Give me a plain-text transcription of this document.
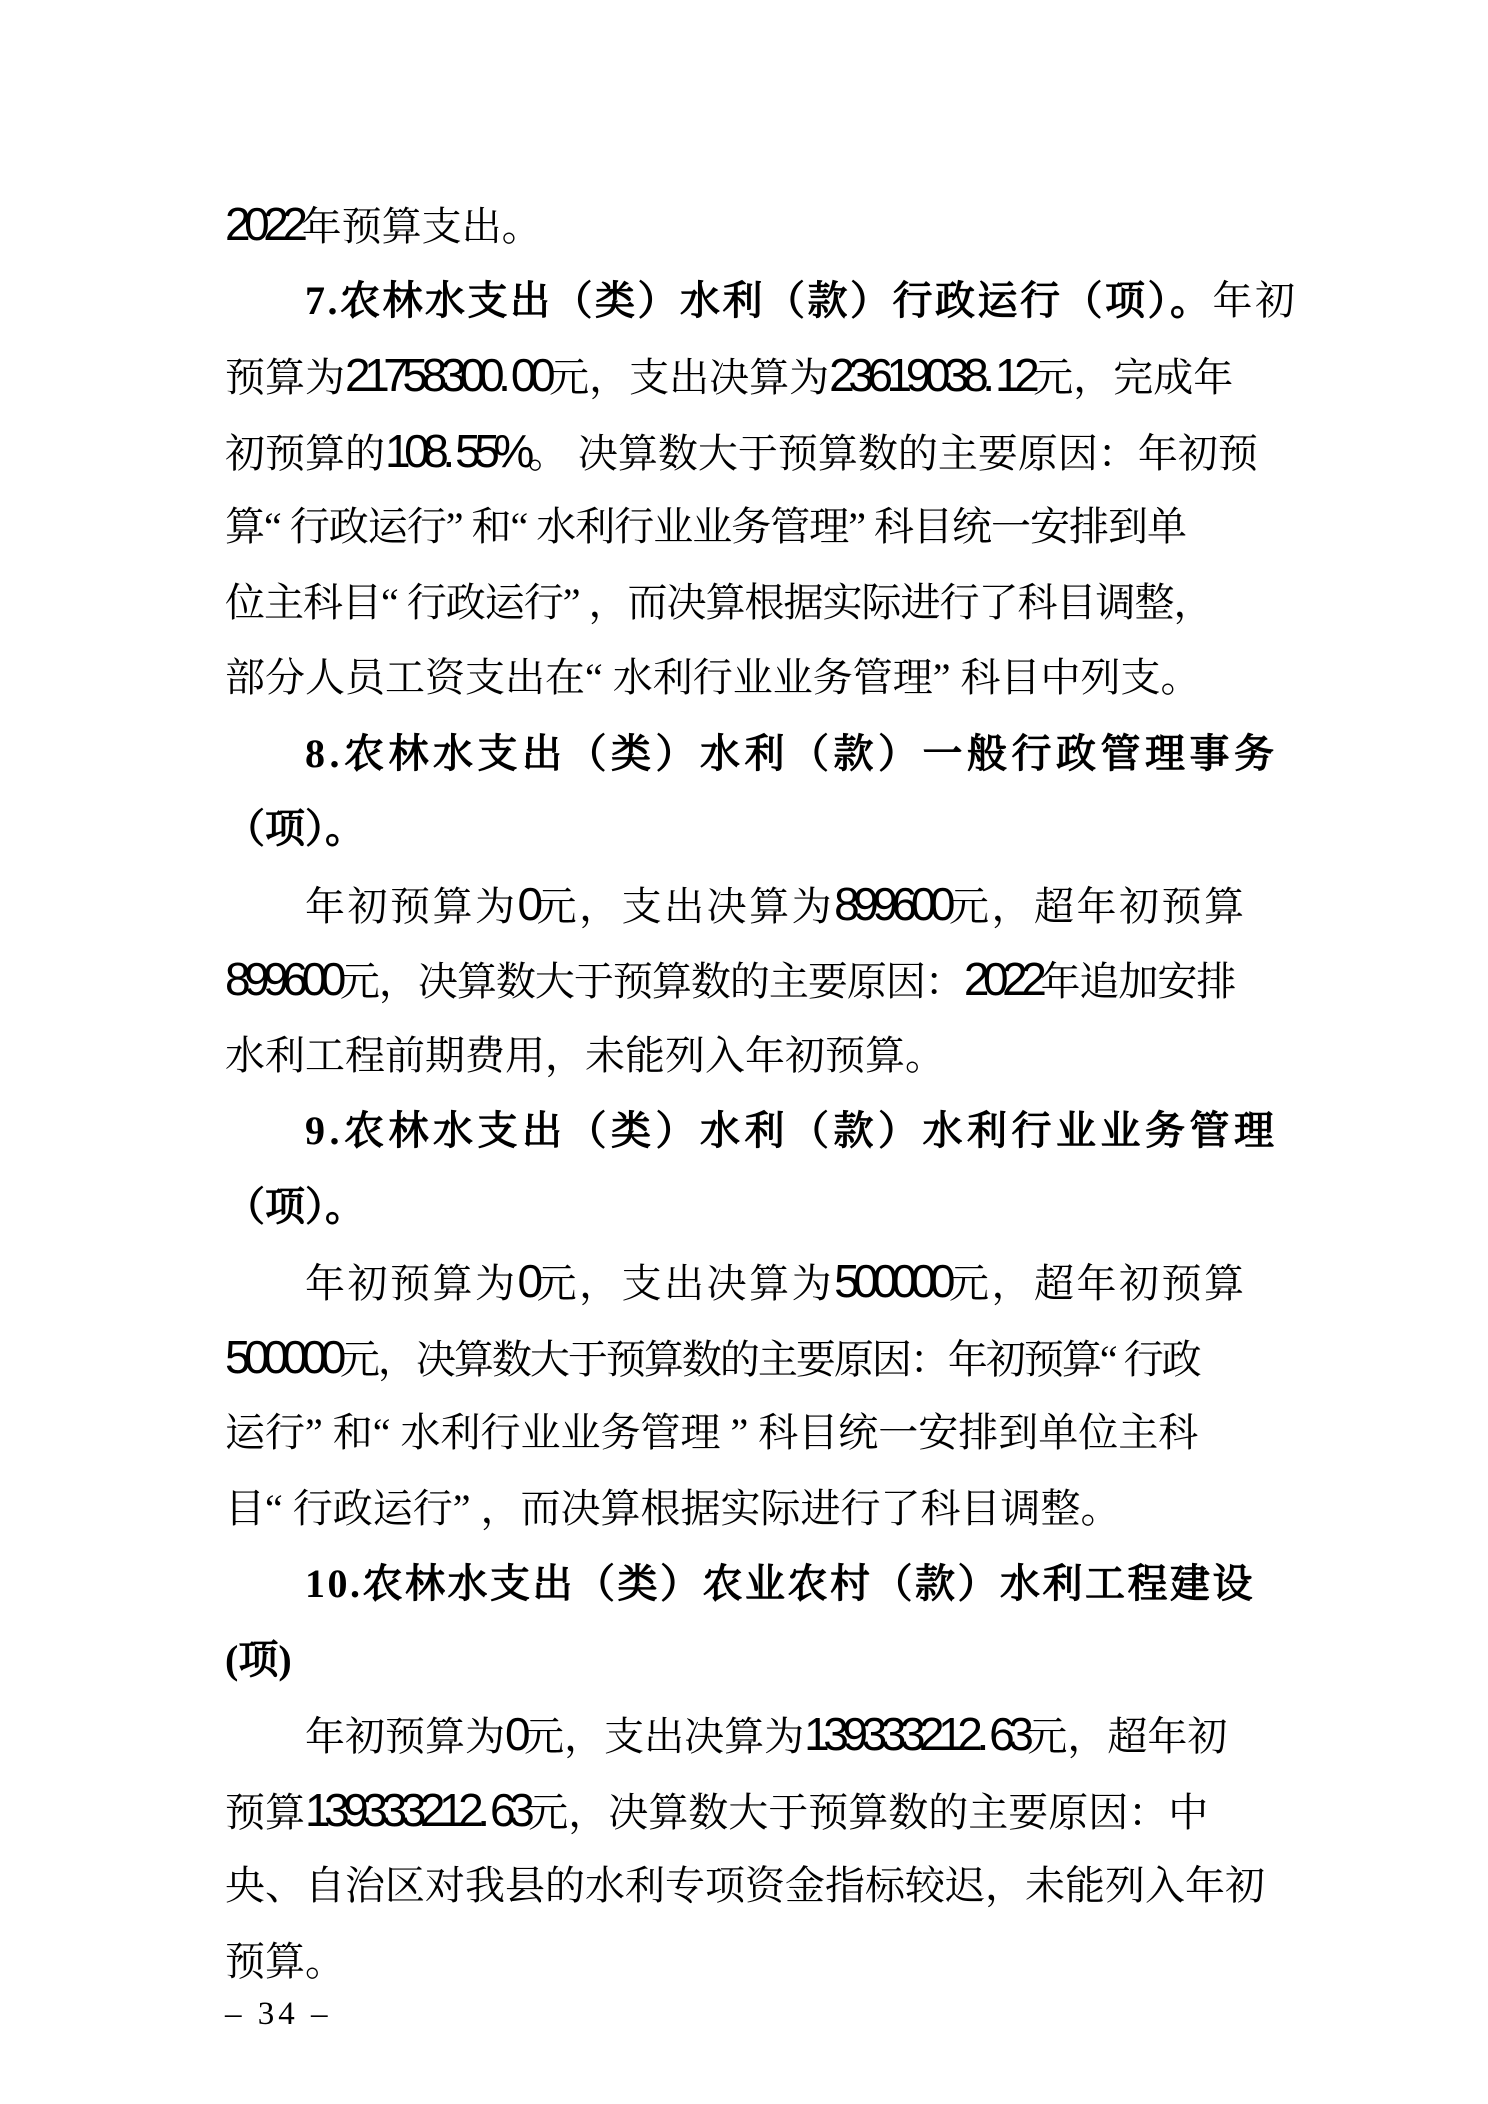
2022年预算支出。
7.农林水支出（类）水利（款）行政运行（项）。年初
预算为21758300. 00元，支出决算为23619038. 12元，完成年
初预算的108. 55%。 决算数大于预算数的主要原因：年初预
算“ 行政运行” 和“ 水利行业业务管理” 科目统一安排到单
位主科目“ 行政运行” ，而决算根据实际进行了科目调整，
部分人员工资支出在“ 水利行业业务管理” 科目中列支。
8.农林水支出（类）水利（款）一般行政管理事务
（项）。
年初预算为0元，支出决算为899600元，超年初预算
899600元，决算数大于预算数的主要原因：2022年追加安排
水利工程前期费用，未能列入年初预算。
9.农林水支出（类）水利（款）水利行业业务管理
（项）。
年初预算为0元，支出决算为500000元，超年初预算
500000元，决算数大于预算数的主要原因：年初预算“ 行政
运行” 和“ 水利行业业务管理 ” 科目统一安排到单位主科
目“ 行政运行” ，而决算根据实际进行了科目调整。
10.农林水支出（类）农业农村（款）水利工程建设
(项)
年初预算为0元，支出决算为139333212. 63元，超年初
预算139333212. 63元，决算数大于预算数的主要原因：中
央、自治区对我县的水利专项资金指标较迟，未能列入年初
预算。
– 34 –
